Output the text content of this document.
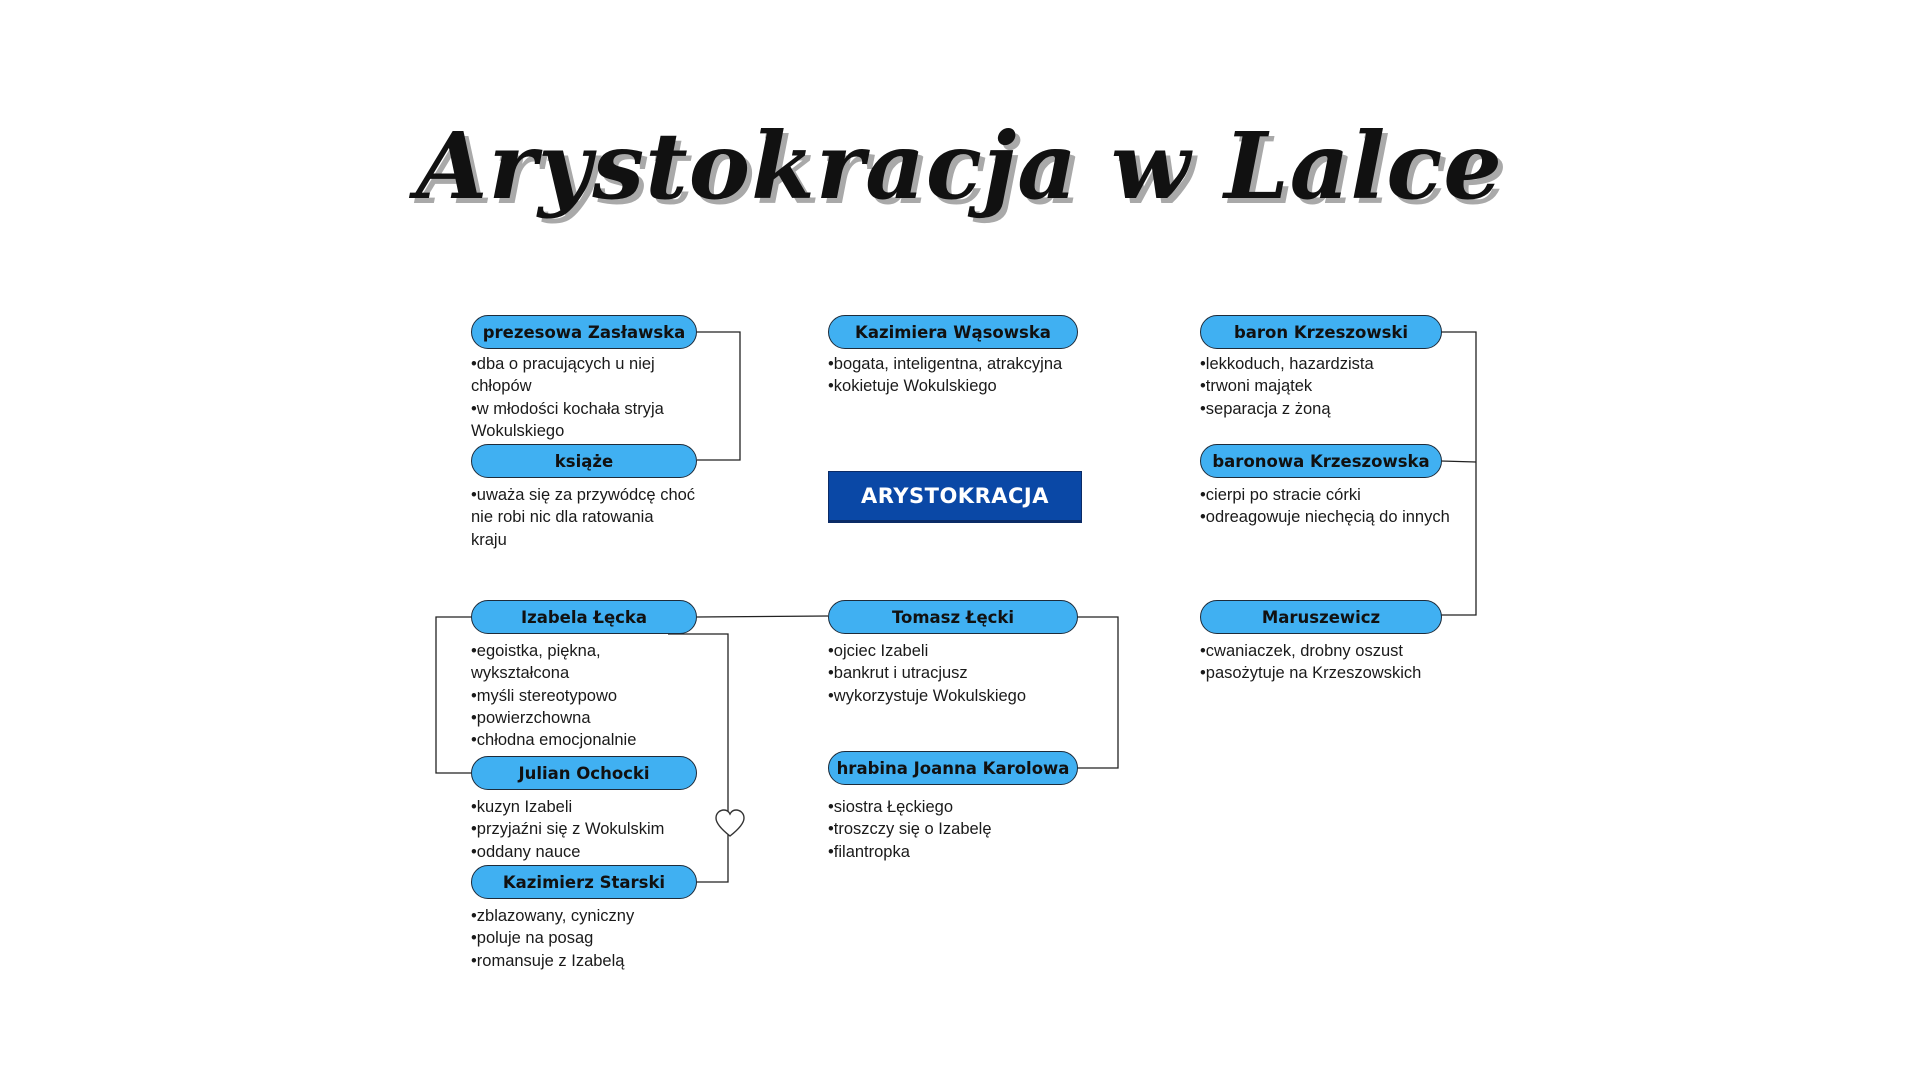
Arystokracja w Lalce
ARYSTOKRACJA
prezesowa Zasławska
•dba o pracujących u niej
chłopów
•w młodości kochała stryja
Wokulskiego
książe
•uważa się za przywódcę choć
nie robi nic dla ratowania
kraju
Izabela Łęcka
•egoistka, piękna,
wykształcona
•myśli stereotypowo
•powierzchowna
•chłodna emocjonalnie
Julian Ochocki
•kuzyn Izabeli
•przyjaźni się z Wokulskim
•oddany nauce
Kazimierz Starski
•zblazowany, cyniczny
•poluje na posag
•romansuje z Izabelą
Kazimiera Wąsowska
•bogata, inteligentna, atrakcyjna
•kokietuje Wokulskiego
Tomasz Łęcki
•ojciec Izabeli
•bankrut i utracjusz
•wykorzystuje Wokulskiego
hrabina Joanna Karolowa
•siostra Łęckiego
•troszczy się o Izabelę
•filantropka
baron Krzeszowski
•lekkoduch, hazardzista
•trwoni majątek
•separacja z żoną
baronowa Krzeszowska
•cierpi po stracie córki
•odreagowuje niechęcią do innych
Maruszewicz
•cwaniaczek, drobny oszust
•pasożytuje na Krzeszowskich
